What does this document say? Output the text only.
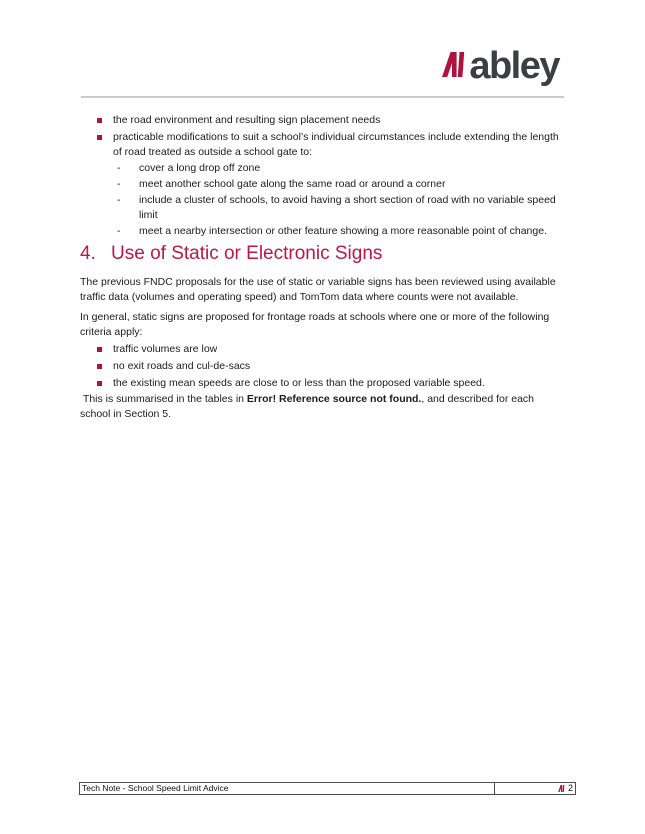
abley
the road environment and resulting sign placement needs
practicable modifications to suit a school’s individual circumstances include extending the length of road treated as outside a school gate to:
-	cover a long drop off zone
-	meet another school gate along the same road or around a corner
-	include a cluster of schools, to avoid having a short section of road with no variable speed limit
-	meet a nearby intersection or other feature showing a more reasonable point of change.
4. Use of Static or Electronic Signs

The previous FNDC proposals for the use of static or variable signs has been reviewed using available traffic data (volumes and operating speed) and TomTom data where counts were not available.

In general, static signs are proposed for frontage roads at schools where one or more of the following criteria apply:

traffic volumes are low
no exit roads and cul-de-sacs
the existing mean speeds are close to or less than the proposed variable speed.

This is summarised in the tables in Error! Reference source not found., and described for each school in Section 5.

Tech Note - School Speed Limit Advice	2
